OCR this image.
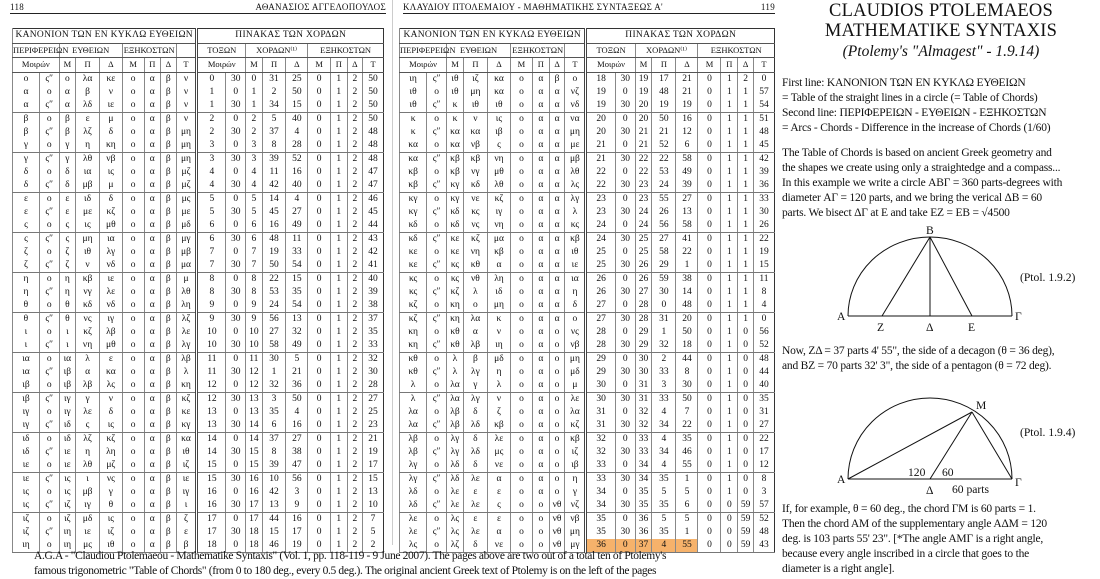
118	ΑΘΑΝΑΣΙΟΣ ΑΓΓΕΛΟΠΟΥΛΟΣ
ΚΑΝΟΝΙΟΝ ΤΩΝ ΕΝ ΚΥΚΛΩ ΕΥΘΕΙΩΝ									ΠΙΝΑΚΑΣ ΤΩΝ ΧΟΡΔΩΝ								
ΠΕΡΙΦΕΡΕΙΩΝ		ΕΥΘΕΙΩΝ			ΕΞΗΚΟΣΤΩΝ				ΤΟΞΩΝ		ΧΟΡΔΩΝ⁽¹⁾			ΕΞΗΚΟΣΤΩΝ			
Μοιρών		Μ	Π	Δ	Μ	Π	Δ	Τ	Μοιρών		Μ	Π	Δ	Μ	Π	Δ	Τ
ο	ς″	ο	λα	κε	ο	α	β	ν	0	30	0	31	25	0	1	2	50
α	ο	α	β	ν	ο	α	β	ν	1	0	1	2	50	0	1	2	50
α	ς″	α	λδ	ιε	ο	α	β	ν	1	30	1	34	15	0	1	2	50
β	ο	β	ε	μ	ο	α	β	ν	2	0	2	5	40	0	1	2	50
β	ς″	β	λζ	δ	ο	α	β	μη	2	30	2	37	4	0	1	2	48
γ	ο	γ	η	κη	ο	α	β	μη	3	0	3	8	28	0	1	2	48
γ	ς″	γ	λθ	νβ	ο	α	β	μη	3	30	3	39	52	0	1	2	48
δ	ο	δ	ια	ις	ο	α	β	μζ	4	0	4	11	16	0	1	2	47
δ	ς″	δ	μβ	μ	ο	α	β	μζ	4	30	4	42	40	0	1	2	47
ε	ο	ε	ιδ	δ	ο	α	β	μς	5	0	5	14	4	0	1	2	46
ε	ς″	ε	με	κζ	ο	α	β	με	5	30	5	45	27	0	1	2	45
ς	ο	ς	ις	μθ	ο	α	β	μδ	6	0	6	16	49	0	1	2	44
ς	ς″	ς	μη	ια	ο	α	β	μγ	6	30	6	48	11	0	1	2	43
ζ	ο	ζ	ιθ	λγ	ο	α	β	μβ	7	0	7	19	33	0	1	2	42
ζ	ς″	ζ	ν	νδ	ο	α	β	μα	7	30	7	50	54	0	1	2	41
η	ο	η	κβ	ιε	ο	α	β	μ	8	0	8	22	15	0	1	2	40
η	ς″	η	νγ	λε	ο	α	β	λθ	8	30	8	53	35	0	1	2	39
θ	ο	θ	κδ	νδ	ο	α	β	λη	9	0	9	24	54	0	1	2	38
θ	ς″	θ	νς	ιγ	ο	α	β	λζ	9	30	9	56	13	0	1	2	37
ι	ο	ι	κζ	λβ	ο	α	β	λε	10	0	10	27	32	0	1	2	35
ι	ς″	ι	νη	μθ	ο	α	β	λγ	10	30	10	58	49	0	1	2	33
ια	ο	ια	λ	ε	ο	α	β	λβ	11	0	11	30	5	0	1	2	32
ια	ς″	ιβ	α	κα	ο	α	β	λ	11	30	12	1	21	0	1	2	30
ιβ	ο	ιβ	λβ	λς	ο	α	β	κη	12	0	12	32	36	0	1	2	28
ιβ	ς″	ιγ	γ	ν	ο	α	β	κζ	12	30	13	3	50	0	1	2	27
ιγ	ο	ιγ	λε	δ	ο	α	β	κε	13	0	13	35	4	0	1	2	25
ιγ	ς″	ιδ	ς	ις	ο	α	β	κγ	13	30	14	6	16	0	1	2	23
ιδ	ο	ιδ	λζ	κζ	ο	α	β	κα	14	0	14	37	27	0	1	2	21
ιδ	ς″	ιε	η	λη	ο	α	β	ιθ	14	30	15	8	38	0	1	2	19
ιε	ο	ιε	λθ	μζ	ο	α	β	ιζ	15	0	15	39	47	0	1	2	17
ιε	ς″	ις	ι	νς	ο	α	β	ιε	15	30	16	10	56	0	1	2	15
ις	ο	ις	μβ	γ	ο	α	β	ιγ	16	0	16	42	3	0	1	2	13
ις	ς″	ιζ	ιγ	θ	ο	α	β	ι	16	30	17	13	9	0	1	2	10
ιζ	ο	ιζ	μδ	ις	ο	α	β	ζ	17	0	17	44	16	0	1	2	7
ιζ	ς″	ιη	ιε	ιζ	ο	α	β	ε	17	30	18	15	17	0	1	2	5
ιη	ο	ιη	μς	ιθ	ο	α	β	β	18	0	18	46	19	0	1	2	2
ΚΛΑΥΔΙΟΥ ΠΤΟΛΕΜΑΙΟΥ - ΜΑΘΗΜΑΤΙΚΗΣ ΣΥΝΤΑΞΕΩΣ Α'	119
ΚΑΝΟΝΙΟΝ ΤΩΝ ΕΝ ΚΥΚΛΩ ΕΥΘΕΙΩΝ									ΠΙΝΑΚΑΣ ΤΩΝ ΧΟΡΔΩΝ								
ΠΕΡΙΦΕΡΕΙΩΝ		ΕΥΘΕΙΩΝ			ΕΞΗΚΟΣΤΩΝ				ΤΟΞΩΝ		ΧΟΡΔΩΝ⁽¹⁾			ΕΞΗΚΟΣΤΩΝ			
Μοιρών		Μ	Π	Δ	Μ	Π	Δ	Τ	Μοιρών		Μ	Π	Δ	Μ	Π	Δ	Τ
ιη	ς″	ιθ	ιζ	κα	ο	α	β	ο	18	30	19	17	21	0	1	2	0
ιθ	ο	ιθ	μη	κα	ο	α	α	νζ	19	0	19	48	21	0	1	1	57
ιθ	ς″	κ	ιθ	ιθ	ο	α	α	νδ	19	30	20	19	19	0	1	1	54
κ	ο	κ	ν	ις	ο	α	α	να	20	0	20	50	16	0	1	1	51
κ	ς″	κα	κα	ιβ	ο	α	α	μη	20	30	21	21	12	0	1	1	48
κα	ο	κα	νβ	ς	ο	α	α	με	21	0	21	52	6	0	1	1	45
κα	ς″	κβ	κβ	νη	ο	α	α	μβ	21	30	22	22	58	0	1	1	42
κβ	ο	κβ	νγ	μθ	ο	α	α	λθ	22	0	22	53	49	0	1	1	39
κβ	ς″	κγ	κδ	λθ	ο	α	α	λς	22	30	23	24	39	0	1	1	36
κγ	ο	κγ	νε	κζ	ο	α	α	λγ	23	0	23	55	27	0	1	1	33
κγ	ς″	κδ	κς	ιγ	ο	α	α	λ	23	30	24	26	13	0	1	1	30
κδ	ο	κδ	νς	νη	ο	α	α	κς	24	0	24	56	58	0	1	1	26
κδ	ς″	κε	κζ	μα	ο	α	α	κβ	24	30	25	27	41	0	1	1	22
κε	ο	κε	νη	κβ	ο	α	α	ιθ	25	0	25	58	22	0	1	1	19
κε	ς″	κς	κθ	α	ο	α	α	ιε	25	30	26	29	1	0	1	1	15
κς	ο	κς	νθ	λη	ο	α	α	ια	26	0	26	59	38	0	1	1	11
κς	ς″	κζ	λ	ιδ	ο	α	α	η	26	30	27	30	14	0	1	1	8
κζ	ο	κη	ο	μη	ο	α	α	δ	27	0	28	0	48	0	1	1	4
κζ	ς″	κη	λα	κ	ο	α	α	ο	27	30	28	31	20	0	1	1	0
κη	ο	κθ	α	ν	ο	α	ο	νς	28	0	29	1	50	0	1	0	56
κη	ς″	κθ	λβ	ιη	ο	α	ο	νβ	28	30	29	32	18	0	1	0	52
κθ	ο	λ	β	μδ	ο	α	ο	μη	29	0	30	2	44	0	1	0	48
κθ	ς″	λ	λγ	η	ο	α	ο	μδ	29	30	30	33	8	0	1	0	44
λ	ο	λα	γ	λ	ο	α	ο	μ	30	0	31	3	30	0	1	0	40
λ	ς″	λα	λγ	ν	ο	α	ο	λε	30	30	31	33	50	0	1	0	35
λα	ο	λβ	δ	ζ	ο	α	ο	λα	31	0	32	4	7	0	1	0	31
λα	ς″	λβ	λδ	κβ	ο	α	ο	κζ	31	30	32	34	22	0	1	0	27
λβ	ο	λγ	δ	λε	ο	α	ο	κβ	32	0	33	4	35	0	1	0	22
λβ	ς″	λγ	λδ	μς	ο	α	ο	ιζ	32	30	33	34	46	0	1	0	17
λγ	ο	λδ	δ	νε	ο	α	ο	ιβ	33	0	34	4	55	0	1	0	12
λγ	ς″	λδ	λε	α	ο	α	ο	η	33	30	34	35	1	0	1	0	8
λδ	ο	λε	ε	ε	ο	α	ο	γ	34	0	35	5	5	0	1	0	3
λδ	ς″	λε	λε	ς	ο	ο	νθ	νζ	34	30	35	35	6	0	0	59	57
λε	ο	λς	ε	ε	ο	ο	νθ	νβ	35	0	36	5	5	0	0	59	52
λε	ς″	λς	λε	α	ο	ο	νθ	μη	35	30	36	35	1	0	0	59	48
λς	ο	λζ	δ	νε	ο	ο	νθ	μγ	36	0	37	4	55	0	0	59	43
CLAUDIOS PTOLEMAEOS
MATHEMATIKE SYNTAXIS
(Ptolemy's "Almagest" - 1.9.14)
First line: ΚΑΝΟΝΙΟΝ ΤΩΝ ΕΝ ΚΥΚΛΩ ΕΥΘΕΙΩΝ
= Table of the straight lines in a circle (= Table of Chords)
Second line: ΠΕΡΙΦΕΡΕΙΩΝ - ΕΥΘΕΙΩΝ - ΕΞΗΚΟΣΤΩΝ
= Arcs - Chords - Difference in the increase of Chords (1/60)
The Table of Chords is based on ancient Greek geometry and
the shapes we create using only a straightedge and a compass...
In this example we write a circle ΑΒΓ = 360 parts-degrees with
diameter ΑΓ = 120 parts, and we bring the verical ΔΒ = 60
parts. We bisect ΔΓ at E and take EZ = EB = √4500
B
A	Γ
Z	Δ	E
(Ptol. 1.9.2)
Now, ZΔ = 37 parts 4' 55", the side of a decagon (θ = 36 deg),
and BZ = 70 parts 32' 3", the side of a pentagon (θ = 72 deg).
M
A	Γ
Δ
120 60
60 parts
(Ptol. 1.9.4)
If, for example, θ = 60 deg., the chord ΓM is 60 parts = 1.
Then the chord AM of the supplementary angle AΔM = 120
deg. is 103 parts 55' 23". [*The angle AMΓ is a right angle,
because every angle inscribed in a circle that goes to the
diameter is a right angle].
A.G.A - "Claudiou Ptolemaeou - Mathematike Syntaxis" (Vol. 1, pp. 118-119 - 9 June 2007). The pages above are two out of a total ten of Ptolemy's
famous trigonometric "Table of Chords" (from 0 to 180 deg., every 0.5 deg.). The original ancient Greek text of Ptolemy is on the left of the pages
